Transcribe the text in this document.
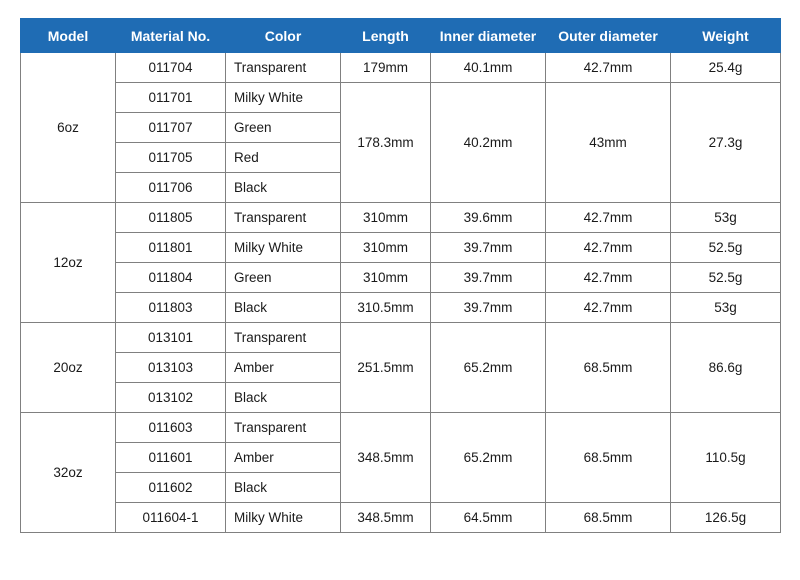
Model	Material No.	Color	Length	Inner diameter	Outer diameter	Weight
6oz	011704	Transparent	179mm	40.1mm	42.7mm	25.4g
	011701	Milky White	178.3mm	40.2mm	43mm	27.3g
	011707	Green				
	011705	Red				
	011706	Black				
12oz	011805	Transparent	310mm	39.6mm	42.7mm	53g
	011801	Milky White	310mm	39.7mm	42.7mm	52.5g
	011804	Green	310mm	39.7mm	42.7mm	52.5g
	011803	Black	310.5mm	39.7mm	42.7mm	53g
20oz	013101	Transparent	251.5mm	65.2mm	68.5mm	86.6g
	013103	Amber				
	013102	Black				
32oz	011603	Transparent	348.5mm	65.2mm	68.5mm	110.5g
	011601	Amber				
	011602	Black				
	011604-1	Milky White	348.5mm	64.5mm	68.5mm	126.5g
